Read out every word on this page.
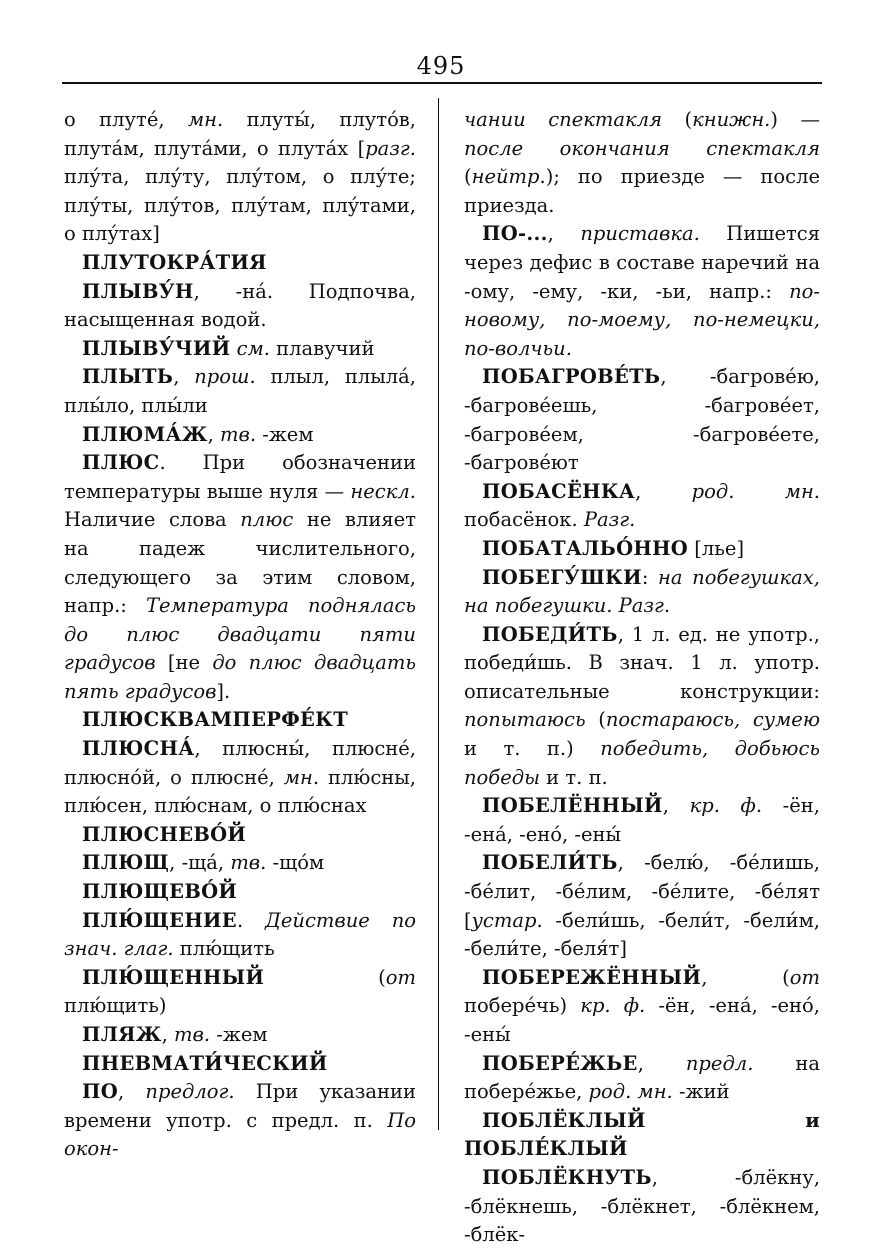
495

о плуте́, мн. плуты́, плуто́в, плута́м, плута́ми, о плута́х [разг. плу́та, плу́ту, плу́том, о плу́те; плу́ты, плу́тов, плу́там, плу́тами, о плу́тах]

ПЛУТОКРА́ТИЯ

ПЛЫВУ́Н, -на́. Подпочва, насыщенная водой.

ПЛЫВУ́ЧИЙ см. плавучий

ПЛЫТЬ, прош. плыл, плыла́, плы́ло, плы́ли

ПЛЮМА́Ж, тв. -жем

ПЛЮС. При обозначении температуры выше нуля — нескл. Наличие слова плюс не влияет на падеж числительного, следующего за этим словом, напр.: Температура поднялась до плюс двадцати пяти градусов [не до плюс двадцать пять градусов].

ПЛЮСКВАМПЕРФЕ́КТ

ПЛЮСНА́, плюсны́, плюсне́, плюсно́й, о плюсне́, мн. плю́сны, плю́сен, плю́снам, о плю́снах

ПЛЮСНЕВО́Й

ПЛЮЩ, -ща́, тв. -що́м

ПЛЮЩЕВО́Й

ПЛЮ́ЩЕНИЕ. Действие по знач. глаг. плю́щить

ПЛЮ́ЩЕННЫЙ (от плю́щить)

ПЛЯЖ, тв. -жем

ПНЕВМАТИ́ЧЕСКИЙ

ПО, предлог. При указании времени употр. с предл. п. По окон-

чании спектакля (книжн.) — после окончания спектакля (нейтр.); по приезде — после приезда.

ПО-..., приставка. Пишется через дефис в составе наречий на -ому, -ему, -ки, -ьи, напр.: по-новому, по-моему, по-немецки, по-волчьи.

ПОБАГРОВЕ́ТЬ, -багрове́ю, -багрове́ешь, -багрове́ет, -багрове́ем, -багрове́ете, -багрове́ют

ПОБАСЁНКА, род. мн. побасёнок. Разг.

ПОБАТАЛЬО́ННО [лье]

ПОБЕГУ́ШКИ: на побегушках, на побегушки. Разг.

ПОБЕДИ́ТЬ, 1 л. ед. не употр., победи́шь. В знач. 1 л. употр. описательные конструкции: попытаюсь (постараюсь, сумею и т. п.) победить, добьюсь победы и т. п.

ПОБЕЛЁННЫЙ, кр. ф. -ён, -ена́, -ено́, -ены́

ПОБЕЛИ́ТЬ, -белю́, -бе́лишь, -бе́лит, -бе́лим, -бе́лите, -бе́лят [устар. -бели́шь, -бели́т, -бели́м, -бели́те, -беля́т]

ПОБЕРЕЖЁННЫЙ, (от побере́чь) кр. ф. -ён, -ена́, -ено́, -ены́

ПОБЕРЕ́ЖЬЕ, предл. на побере́жье, род. мн. -жий

ПОБЛЁКЛЫЙ и ПОБЛЕ́КЛЫЙ

ПОБЛЁКНУТЬ, -блёкну, -блёкнешь, -блёкнет, -блёкнем, -блёк-
